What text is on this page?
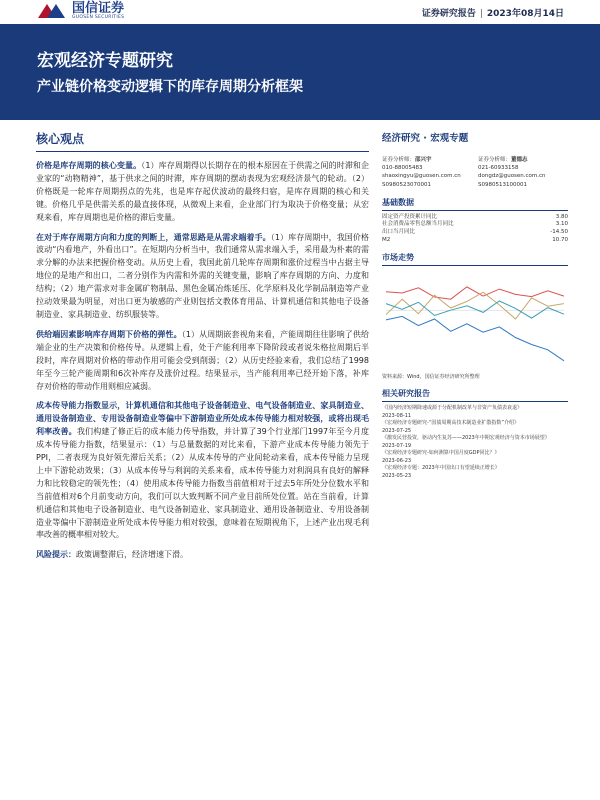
国信证券
GUOSEN SECURITIES	证券研究报告 | 2023年08月14日
宏观经济专题研究
产业链价格变动逻辑下的库存周期分析框架
核心观点

价格是库存周期的核心变量。（1）库存周期得以长期存在的根本原因在于供需之间的时滞和企业家的“动物精神”，基于供求之间的时滞，库存周期的摆动表现为宏观经济景气的轮动。（2）价格既是一轮库存周期拐点的先兆，也是库存起伏波动的最终归宿，是库存周期的核心和关键。价格几乎是供需关系的最直接体现，从微观上来看，企业部门行为取决于价格变量；从宏观来看，库存周期也是价格的滞后变量。

在对于库存周期方向和力度的判断上，通常思路是从需求端着手。（1）库存周期中，我国价格波动“内看地产，外看出口”。在短期内分析当中，我们通常从需求端入手，采用最为朴素的需求分解的办法来把握价格变动。从历史上看，我国此前几轮库存周期和涨价过程当中占据主导地位的是地产和出口，二者分别作为内需和外需的关键变量，影响了库存周期的方向、力度和结构；（2）地产需求对非金属矿物制品、黑色金属冶炼延压、化学原料及化学制品制造等产业拉动效果最为明显，对出口更为敏感的产业则包括文教体育用品、计算机通信和其他电子设备制造业、家具制造业、纺织服装等。

供给端因素影响库存周期下价格的弹性。（1）从周期嵌套视角来看，产能周期往往影响了供给端企业的生产决策和价格传导。从逻辑上看，处于产能利用率下降阶段或者说朱格拉周期后半段时，库存周期对价格的带动作用可能会受到削弱；（2）从历史经验来看，我们总结了1998年至今三轮产能周期和6次补库存及涨价过程。结果显示，当产能利用率已经开始下落，补库存对价格的带动作用则相应减弱。

成本传导能力指数显示，计算机通信和其他电子设备制造业、电气设备制造业、家具制造业、通用设备制造业、专用设备制造业等偏中下游制造业所处成本传导能力相对较强，或将出现毛利率改善。我们构建了修正后的成本能力传导指数，并计算了39个行业部门1997年至今月度成本传导能力指数，结果显示：（1）与总量数据的对比来看，下游产业成本传导能力领先于PPI，二者表现为良好领先滞后关系；（2）从成本传导的产业间轮动来看，成本传导能力呈现上中下游轮动效果；（3）从成本传导与利润的关系来看，成本传导能力对利润具有良好的解释力和比较稳定的领先性；（4）使用成本传导能力指数当前值相对于过去5年所处分位数水平和当前值相对6个月前变动方向，我们可以大致判断不同产业目前所处位置。站在当前看，计算机通信和其他电子设备制造业、电气设备制造业、家具制造业、通用设备制造业、专用设备制造业等偏中下游制造业所处成本传导能力相对较强，意味着在短期视角下，上述产业出现毛利率改善的概率相对较大。

风险提示：政策调整滞后，经济增速下滑。

经济研究 · 宏观专题
证券分析师：邵兴宇
010-88005483
shaoxingyu@guosen.com.cn
S0980523070001
证券分析师：董德志
021-60933158
dongdz@guosen.com.cn
S0980513100001
基础数据
固定资产投资累计同比	3.80
社会消费品零售总额当月同比	3.10
出口当月同比	-14.50
M2	10.70
市场走势
资料来源：Wind、国信证券经济研究所整理
相关研究报告
《国内经济短期降速或源于分配机制改革与非资产负债表衰退》
2023-08-11
《宏观经济专题研究-“国债周期高技术制造业扩散指数”介绍》
2023-07-25
《激发民营投资，驱动内生复苏——2023年中期宏观经济与资本市场展望》
2023-07-19
《宏观经济专题研究-如何测算中国月度GDP同比？》
2023-06-23
《宏观经济专题：2023年中国出口有望延续正增长》
2023-05-23
